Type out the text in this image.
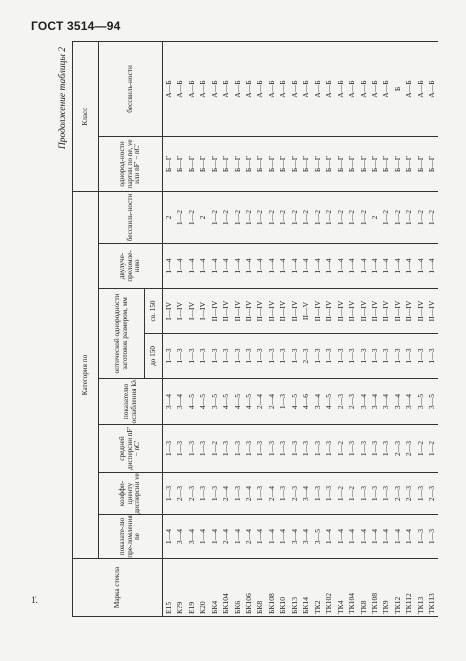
ГОСТ 3514—94
Продолжение таблицы 2
Марка стекла	Категория по								Класс	
	показате-лю пре-ломления ne	коэффи-циенту дисперсии νe	средней дисперсии nF′ − nC′	показателю ослабления kλ	оптической однородности заготовок размером, мм		двулуче-преломле-нию	бессвиль-ности	однород-ности партии по ne, νe или nF′ − nC′	бессвиль-ности
					до 150	св. 150				
Е15	1—4	1—3	1—3	3—4	1—3	I—IV	1—4	2	Б—Г	А—Б
К?9	3—4	2—3	1—3	3—4	1—3	I—IV	1—4	1—2	Б—Г	А—Б
Е19	3—4	2—3	1—3	4—5	1—3	I—IV	1—4	1—2	Б—Г	А—Б
К20	1—4	1—3	1—3	4—5	1—3	I—IV	1—4	2	Б—Г	А—Б
БК4	1—4	1—3	1—2	3—5	1—3	II—IV	1—4	1—2	Б—Г	А—Б
БК104	2—4	2—4	1—3	4—5	1—3	II—IV	1—4	1—2	Б—Г	А—Б
БК6	1—4	1—3	1—3	4—5	1—3	II—IV	1—4	1—2	Б—Г	А—Б
БК106	2—4	2—4	1—3	4—5	1—3	II—IV	1—4	1—2	Б—Г	А—Б
БК8	1—4	1—3	1—3	2—4	1—3	II—IV	1—4	1—2	Б—Г	А—Б
БК108	1—4	2—4	1—3	2—4	1—3	II—IV	1—4	1—2	Б—Г	А—Б
БК10	1—4	1—3	1—3	1—3	1—3	II—IV	1—4	1—2	Б—Г	А—Б
БК13	3—4	2—3	1—3	4—5	1—3	II—IV	1—4	1—2	Б—Г	А—Б
БК14	3—4	3—4	1—3	4—6	2—3	II—V	1—4	1—2	Б—Г	А—Б
ТК2	3—5	1—3	1—3	3—4	1—3	II—IV	1—4	1—2	Б—Г	А—Б
ТК102	1—4	1—3	1—3	4—5	1—3	II—IV	1—4	1—2	Б—Г	А—Б
ТК4	1—4	1—2	1—2	2—3	1—3	II—IV	1—4	1—2	Б—Г	А—Б
ТК104	1—4	1—2	1—3	2—3	1—3	II—IV	1—4	1—2	Б—Г	А—Б
ТК8	1—4	1—3	1—3	3—4	1—3	II—IV	1—4	1—2	Б—Г	А—Б
ТК108	1—4	1—3	1—3	3—4	1—3	II—IV	1—4	2	Б—Г	А—Б
ТК9	1—4	1—3	1—3	3—4	1—3	II—IV	1—4	1—2	Б—Г	А—Б
ТК12	1—4	2—3	2—3	3—4	1—3	II—IV	1—4	1—2	Б—Г	Б
ТК112	1—4	2—3	2—3	3—4	1—3	II—IV	1—4	1—2	Б—Г	А—Б
ТК13	1—3	1—3	1—2	3—5	1—3	II—IV	1—4	1—2	Б—Г	А—Б
ТК113	1—3	2—3	1—2	3—5	1—3	II—IV	1—4	1—2	Б—Г	А—Б
1̇.
